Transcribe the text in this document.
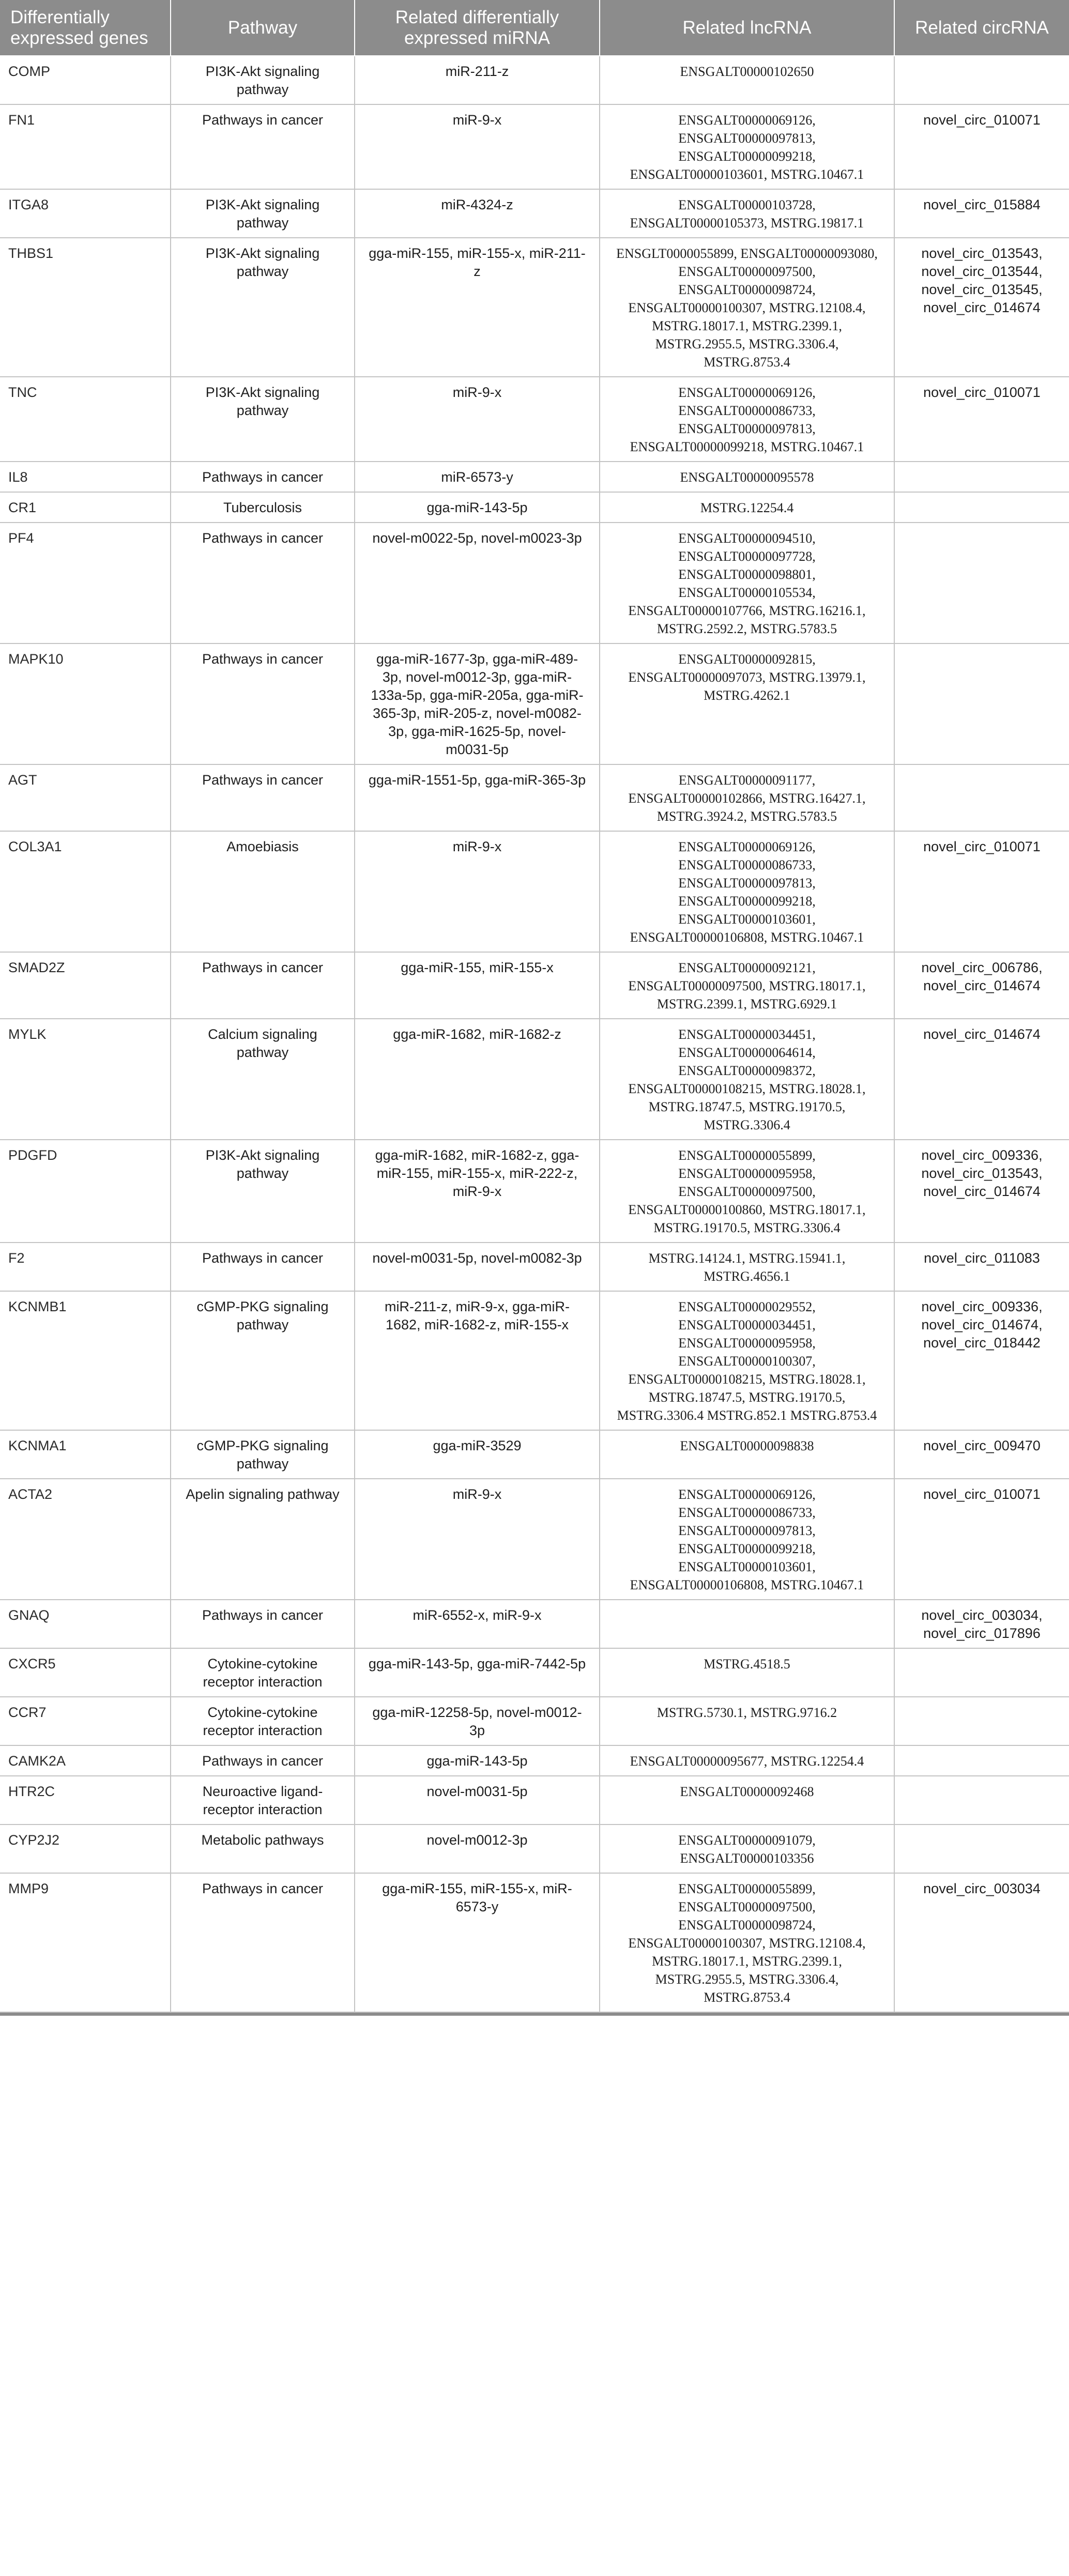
Differentially expressed genes	Pathway	Related differentially expressed miRNA	Related lncRNA	Related circRNA
COMP	PI3K-Akt signaling pathway	miR-211-z	ENSGALT00000102650	
FN1	Pathways in cancer	miR-9-x	ENSGALT00000069126, ENSGALT00000097813, ENSGALT00000099218, ENSGALT00000103601, MSTRG.10467.1	novel_circ_010071
ITGA8	PI3K-Akt signaling pathway	miR-4324-z	ENSGALT00000103728, ENSGALT00000105373, MSTRG.19817.1	novel_circ_015884
THBS1	PI3K-Akt signaling pathway	gga-miR-155, miR-155-x, miR-211-z	ENSGLT0000055899, ENSGALT00000093080, ENSGALT00000097500, ENSGALT00000098724, ENSGALT00000100307, MSTRG.12108.4, MSTRG.18017.1, MSTRG.2399.1, MSTRG.2955.5, MSTRG.3306.4, MSTRG.8753.4	novel_circ_013543, novel_circ_013544, novel_circ_013545, novel_circ_014674
TNC	PI3K-Akt signaling pathway	miR-9-x	ENSGALT00000069126, ENSGALT00000086733, ENSGALT00000097813, ENSGALT00000099218, MSTRG.10467.1	novel_circ_010071
IL8	Pathways in cancer	miR-6573-y	ENSGALT00000095578	
CR1	Tuberculosis	gga-miR-143-5p	MSTRG.12254.4	
PF4	Pathways in cancer	novel-m0022-5p, novel-m0023-3p	ENSGALT00000094510, ENSGALT00000097728, ENSGALT00000098801, ENSGALT00000105534, ENSGALT00000107766, MSTRG.16216.1, MSTRG.2592.2, MSTRG.5783.5	
MAPK10	Pathways in cancer	gga-miR-1677-3p, gga-miR-489-3p, novel-m0012-3p, gga-miR-133a-5p, gga-miR-205a, gga-miR-365-3p, miR-205-z, novel-m0082-3p, gga-miR-1625-5p, novel-m0031-5p	ENSGALT00000092815, ENSGALT00000097073, MSTRG.13979.1, MSTRG.4262.1	
AGT	Pathways in cancer	gga-miR-1551-5p, gga-miR-365-3p	ENSGALT00000091177, ENSGALT00000102866, MSTRG.16427.1, MSTRG.3924.2, MSTRG.5783.5	
COL3A1	Amoebiasis	miR-9-x	ENSGALT00000069126, ENSGALT00000086733, ENSGALT00000097813, ENSGALT00000099218, ENSGALT00000103601, ENSGALT00000106808, MSTRG.10467.1	novel_circ_010071
SMAD2Z	Pathways in cancer	gga-miR-155, miR-155-x	ENSGALT00000092121, ENSGALT00000097500, MSTRG.18017.1, MSTRG.2399.1, MSTRG.6929.1	novel_circ_006786, novel_circ_014674
MYLK	Calcium signaling pathway	gga-miR-1682, miR-1682-z	ENSGALT00000034451, ENSGALT00000064614, ENSGALT00000098372, ENSGALT00000108215, MSTRG.18028.1, MSTRG.18747.5, MSTRG.19170.5, MSTRG.3306.4	novel_circ_014674
PDGFD	PI3K-Akt signaling pathway	gga-miR-1682, miR-1682-z, gga-miR-155, miR-155-x, miR-222-z, miR-9-x	ENSGALT00000055899, ENSGALT00000095958, ENSGALT00000097500, ENSGALT00000100860, MSTRG.18017.1, MSTRG.19170.5, MSTRG.3306.4	novel_circ_009336, novel_circ_013543, novel_circ_014674
F2	Pathways in cancer	novel-m0031-5p, novel-m0082-3p	MSTRG.14124.1, MSTRG.15941.1, MSTRG.4656.1	novel_circ_011083
KCNMB1	cGMP-PKG signaling pathway	miR-211-z, miR-9-x, gga-miR-1682, miR-1682-z, miR-155-x	ENSGALT00000029552, ENSGALT00000034451, ENSGALT00000095958, ENSGALT00000100307, ENSGALT00000108215, MSTRG.18028.1, MSTRG.18747.5, MSTRG.19170.5, MSTRG.3306.4 MSTRG.852.1 MSTRG.8753.4	novel_circ_009336, novel_circ_014674, novel_circ_018442
KCNMA1	cGMP-PKG signaling pathway	gga-miR-3529	ENSGALT00000098838	novel_circ_009470
ACTA2	Apelin signaling pathway	miR-9-x	ENSGALT00000069126, ENSGALT00000086733, ENSGALT00000097813, ENSGALT00000099218, ENSGALT00000103601, ENSGALT00000106808, MSTRG.10467.1	novel_circ_010071
GNAQ	Pathways in cancer	miR-6552-x, miR-9-x		novel_circ_003034, novel_circ_017896
CXCR5	Cytokine-cytokine receptor interaction	gga-miR-143-5p, gga-miR-7442-5p	MSTRG.4518.5	
CCR7	Cytokine-cytokine receptor interaction	gga-miR-12258-5p, novel-m0012-3p	MSTRG.5730.1, MSTRG.9716.2	
CAMK2A	Pathways in cancer	gga-miR-143-5p	ENSGALT00000095677, MSTRG.12254.4	
HTR2C	Neuroactive ligand-receptor interaction	novel-m0031-5p	ENSGALT00000092468	
CYP2J2	Metabolic pathways	novel-m0012-3p	ENSGALT00000091079, ENSGALT00000103356	
MMP9	Pathways in cancer	gga-miR-155, miR-155-x, miR-6573-y	ENSGALT00000055899, ENSGALT00000097500, ENSGALT00000098724, ENSGALT00000100307, MSTRG.12108.4, MSTRG.18017.1, MSTRG.2399.1, MSTRG.2955.5, MSTRG.3306.4, MSTRG.8753.4	novel_circ_003034
